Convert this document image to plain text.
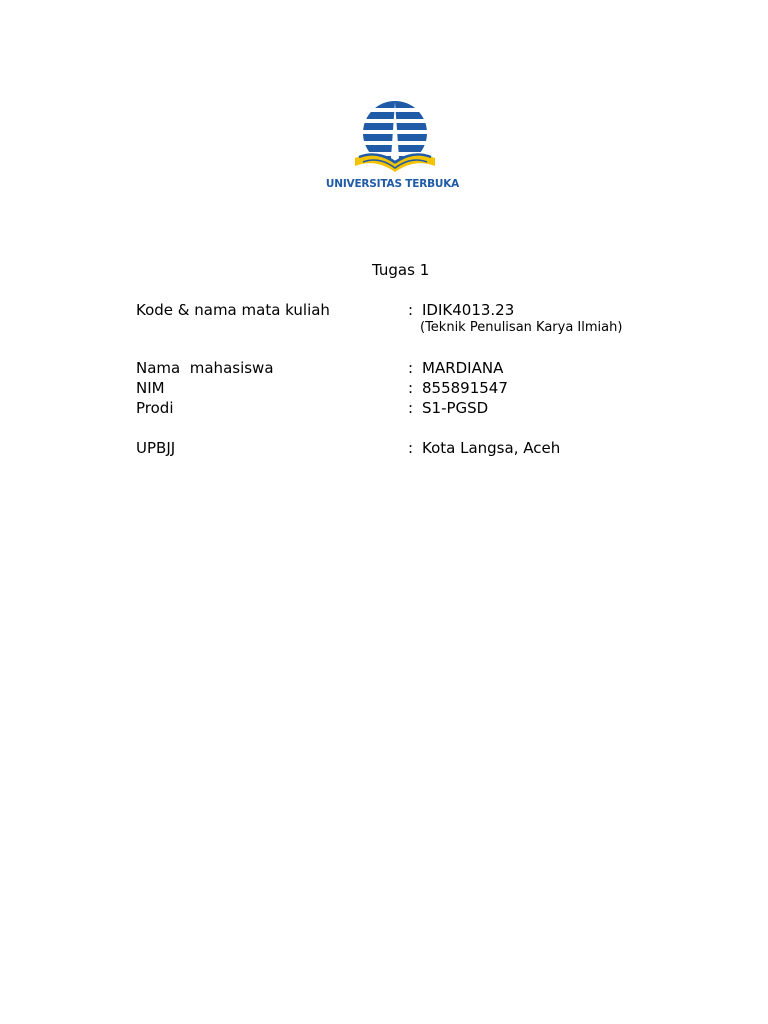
UNIVERSITAS TERBUKA
Tugas 1
Kode & nama mata kuliah	: IDIK4013.23
(Teknik Penulisan Karya Ilmiah)
Nama  mahasiswa	: MARDIANA
NIM	: 855891547
Prodi	: S1-PGSD
UPBJJ	: Kota Langsa, Aceh
